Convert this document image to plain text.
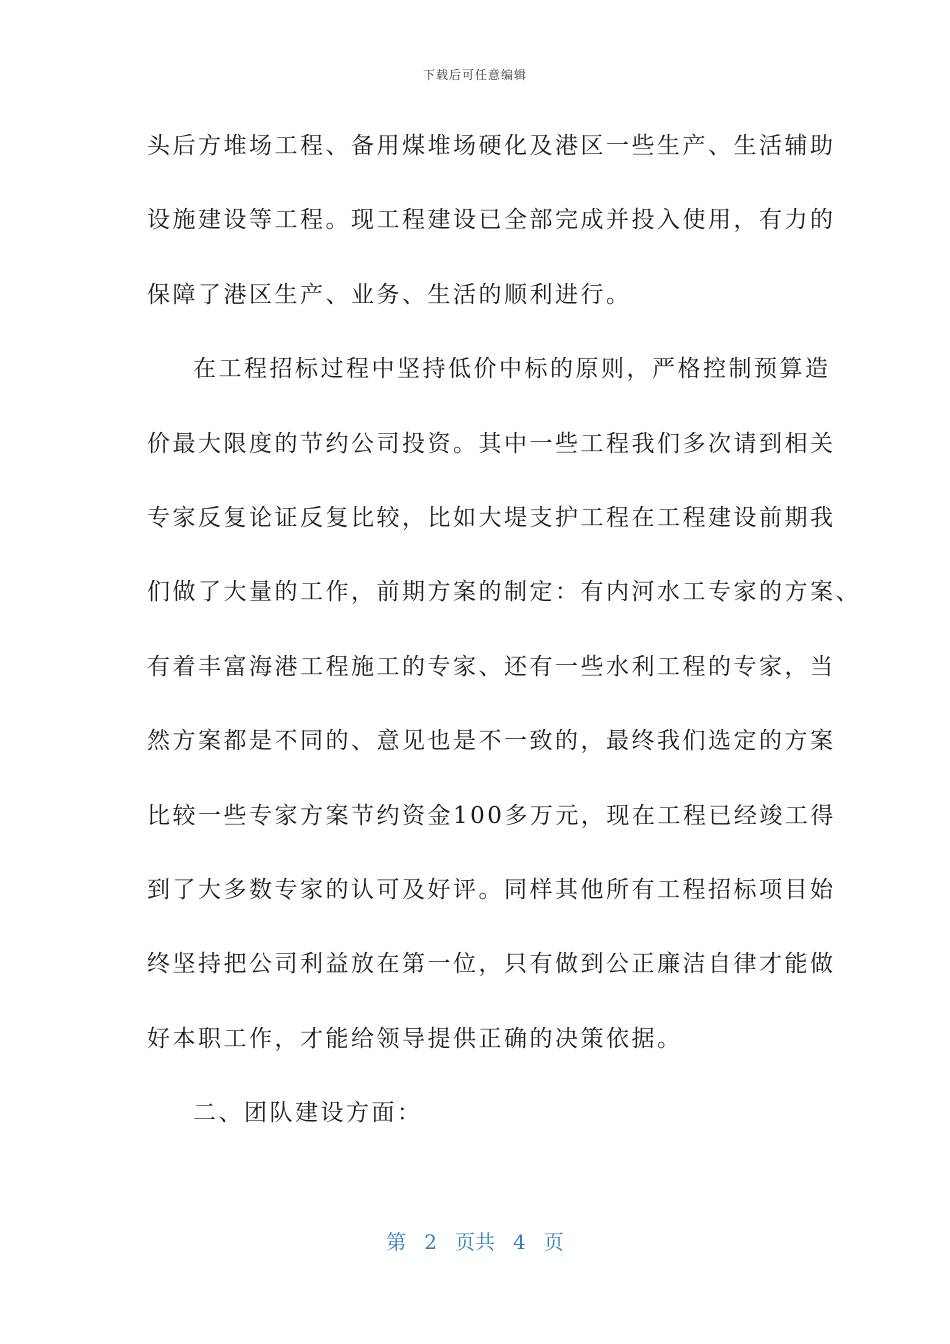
下载后可任意编辑
头后方堆场工程、备用煤堆场硬化及港区一些生产、生活辅助
设施建设等工程。现工程建设已全部完成并投入使用，有力的
保障了港区生产、业务、生活的顺利进行。
在工程招标过程中坚持低价中标的原则，严格控制预算造
价最大限度的节约公司投资。其中一些工程我们多次请到相关
专家反复论证反复比较，比如大堤支护工程在工程建设前期我
们做了大量的工作，前期方案的制定：有内河水工专家的方案、
有着丰富海港工程施工的专家、还有一些水利工程的专家，当
然方案都是不同的、意见也是不一致的，最终我们选定的方案
比较一些专家方案节约资金100多万元，现在工程已经竣工得
到了大多数专家的认可及好评。同样其他所有工程招标项目始
终坚持把公司利益放在第一位，只有做到公正廉洁自律才能做
好本职工作，才能给领导提供正确的决策依据。
二、团队建设方面：
第 2 页共 4 页
